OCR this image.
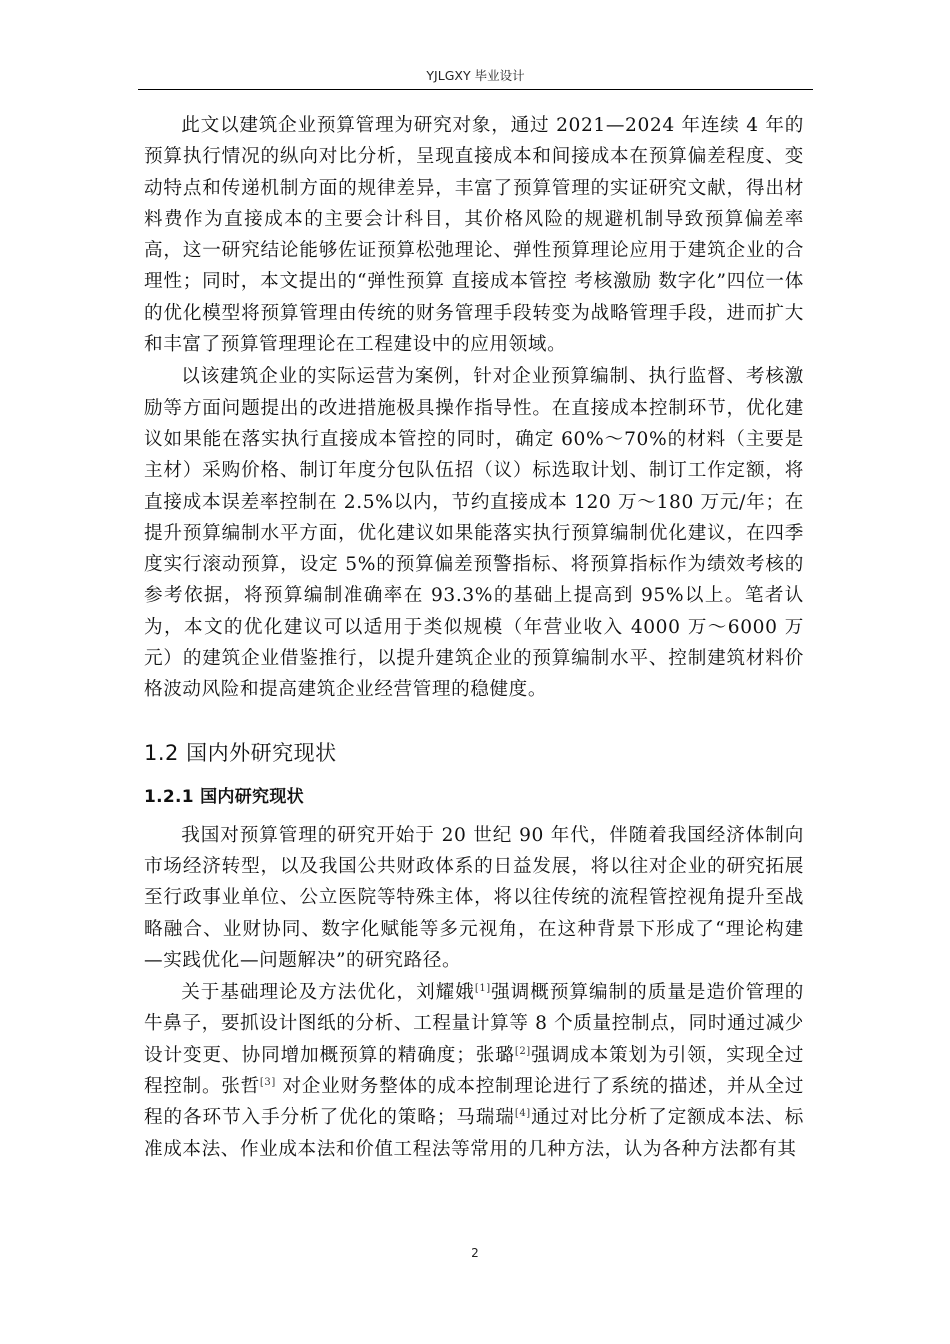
YJLGXY 毕业设计

此文以建筑企业预算管理为研究对象，通过 2021—2024 年连续 4 年的预算执行情况的纵向对比分析，呈现直接成本和间接成本在预算偏差程度、变动特点和传递机制方面的规律差异，丰富了预算管理的实证研究文献，得出材料费作为直接成本的主要会计科目，其价格风险的规避机制导致预算偏差率高，这一研究结论能够佐证预算松弛理论、弹性预算理论应用于建筑企业的合理性；同时，本文提出的“弹性预算 直接成本管控 考核激励 数字化”四位一体的优化模型将预算管理由传统的财务管理手段转变为战略管理手段，进而扩大和丰富了预算管理理论在工程建设中的应用领域。

以该建筑企业的实际运营为案例，针对企业预算编制、执行监督、考核激励等方面问题提出的改进措施极具操作指导性。在直接成本控制环节，优化建议如果能在落实执行直接成本管控的同时，确定 60%～70%的材料（主要是主材）采购价格、制订年度分包队伍招（议）标选取计划、制订工作定额，将直接成本误差率控制在 2.5%以内，节约直接成本 120 万～180 万元/年；在提升预算编制水平方面，优化建议如果能落实执行预算编制优化建议，在四季度实行滚动预算，设定 5%的预算偏差预警指标、将预算指标作为绩效考核的参考依据，将预算编制准确率在 93.3%的基础上提高到 95%以上。笔者认为，本文的优化建议可以适用于类似规模（年营业收入 4000 万～6000 万元）的建筑企业借鉴推行，以提升建筑企业的预算编制水平、控制建筑材料价格波动风险和提高建筑企业经营管理的稳健度。

1.2 国内外研究现状
1.2.1 国内研究现状

我国对预算管理的研究开始于 20 世纪 90 年代，伴随着我国经济体制向市场经济转型，以及我国公共财政体系的日益发展，将以往对企业的研究拓展至行政事业单位、公立医院等特殊主体，将以往传统的流程管控视角提升至战略融合、业财协同、数字化赋能等多元视角，在这种背景下形成了“理论构建—实践优化—问题解决”的研究路径。

关于基础理论及方法优化，刘耀娥[1]强调概预算编制的质量是造价管理的牛鼻子，要抓设计图纸的分析、工程量计算等 8 个质量控制点，同时通过减少设计变更、协同增加概预算的精确度；张璐[2]强调成本策划为引领，实现全过程控制。张哲[3] 对企业财务整体的成本控制理论进行了系统的描述，并从全过程的各环节入手分析了优化的策略；马瑞瑞[4]通过对比分析了定额成本法、标准成本法、作业成本法和价值工程法等常用的几种方法，认为各种方法都有其

2
